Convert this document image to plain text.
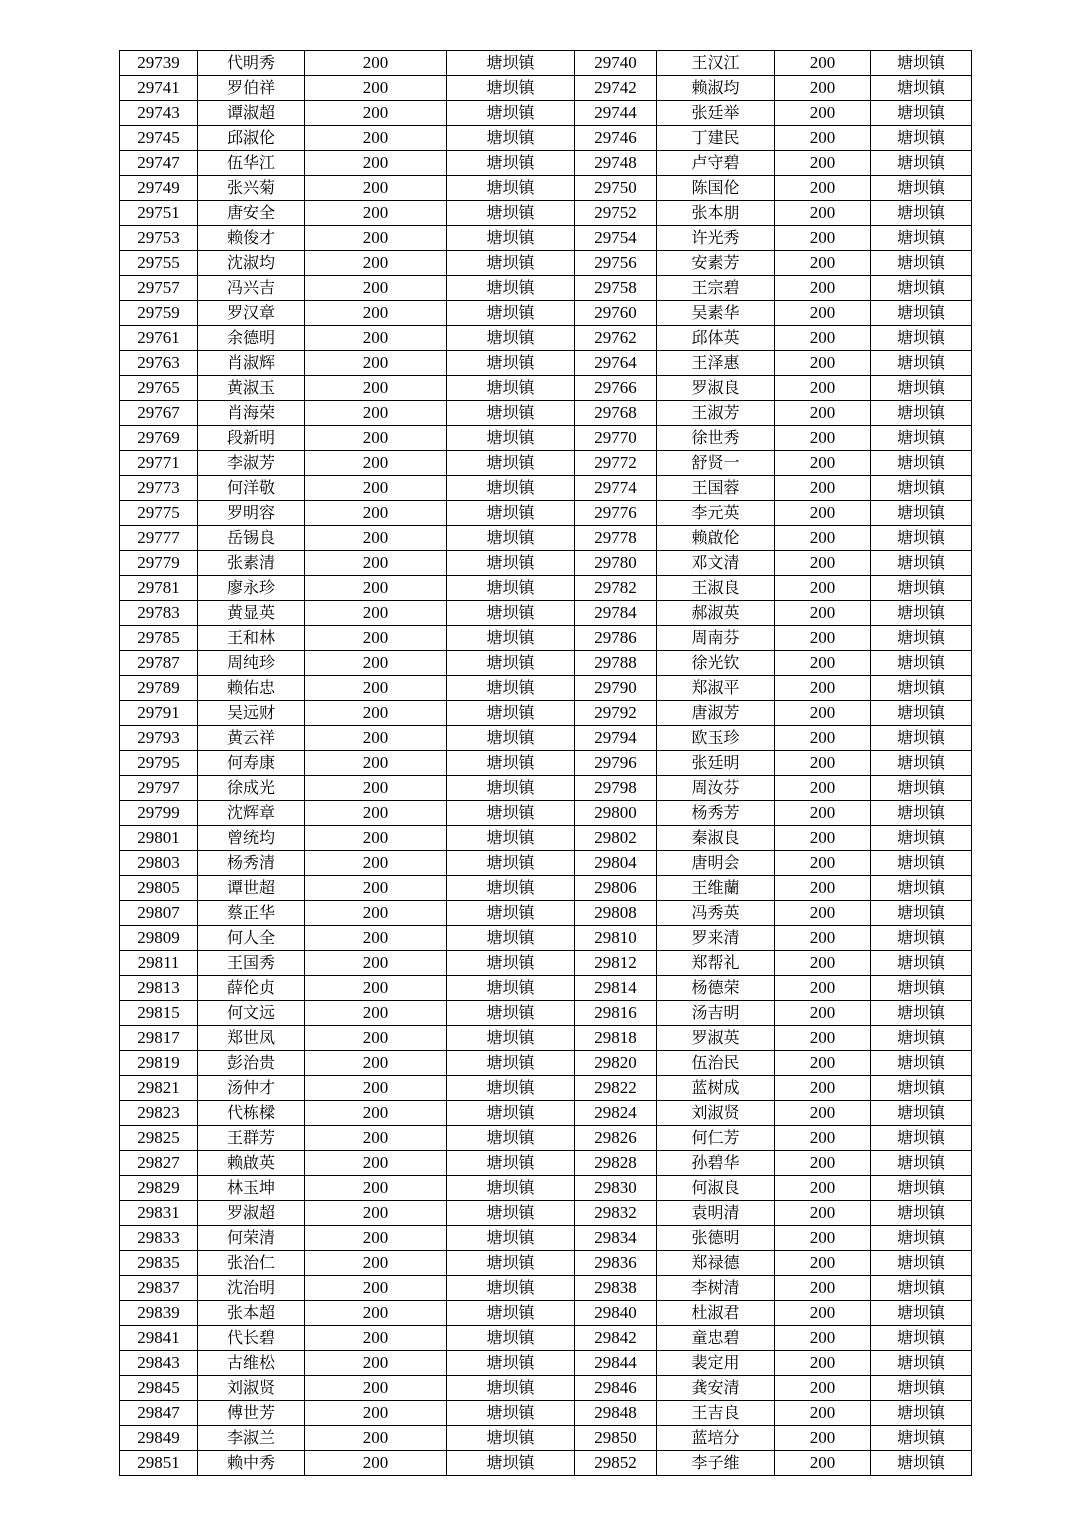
29739	代明秀	200	塘坝镇	29740	王汉江	200	塘坝镇
29741	罗伯祥	200	塘坝镇	29742	赖淑均	200	塘坝镇
29743	谭淑超	200	塘坝镇	29744	张廷举	200	塘坝镇
29745	邱淑伦	200	塘坝镇	29746	丁建民	200	塘坝镇
29747	伍华江	200	塘坝镇	29748	卢守碧	200	塘坝镇
29749	张兴菊	200	塘坝镇	29750	陈国伦	200	塘坝镇
29751	唐安全	200	塘坝镇	29752	张本朋	200	塘坝镇
29753	赖俊才	200	塘坝镇	29754	许光秀	200	塘坝镇
29755	沈淑均	200	塘坝镇	29756	安素芳	200	塘坝镇
29757	冯兴吉	200	塘坝镇	29758	王宗碧	200	塘坝镇
29759	罗汉章	200	塘坝镇	29760	吴素华	200	塘坝镇
29761	余德明	200	塘坝镇	29762	邱体英	200	塘坝镇
29763	肖淑辉	200	塘坝镇	29764	王泽惠	200	塘坝镇
29765	黄淑玉	200	塘坝镇	29766	罗淑良	200	塘坝镇
29767	肖海荣	200	塘坝镇	29768	王淑芳	200	塘坝镇
29769	段新明	200	塘坝镇	29770	徐世秀	200	塘坝镇
29771	李淑芳	200	塘坝镇	29772	舒贤一	200	塘坝镇
29773	何洋敬	200	塘坝镇	29774	王国蓉	200	塘坝镇
29775	罗明容	200	塘坝镇	29776	李元英	200	塘坝镇
29777	岳锡良	200	塘坝镇	29778	赖啟伦	200	塘坝镇
29779	张素清	200	塘坝镇	29780	邓文清	200	塘坝镇
29781	廖永珍	200	塘坝镇	29782	王淑良	200	塘坝镇
29783	黄显英	200	塘坝镇	29784	郝淑英	200	塘坝镇
29785	王和林	200	塘坝镇	29786	周南芬	200	塘坝镇
29787	周纯珍	200	塘坝镇	29788	徐光钦	200	塘坝镇
29789	赖佑忠	200	塘坝镇	29790	郑淑平	200	塘坝镇
29791	吴远财	200	塘坝镇	29792	唐淑芳	200	塘坝镇
29793	黄云祥	200	塘坝镇	29794	欧玉珍	200	塘坝镇
29795	何寿康	200	塘坝镇	29796	张廷明	200	塘坝镇
29797	徐成光	200	塘坝镇	29798	周汝芬	200	塘坝镇
29799	沈辉章	200	塘坝镇	29800	杨秀芳	200	塘坝镇
29801	曾统均	200	塘坝镇	29802	秦淑良	200	塘坝镇
29803	杨秀清	200	塘坝镇	29804	唐明会	200	塘坝镇
29805	谭世超	200	塘坝镇	29806	王维蘭	200	塘坝镇
29807	蔡正华	200	塘坝镇	29808	冯秀英	200	塘坝镇
29809	何人全	200	塘坝镇	29810	罗来清	200	塘坝镇
29811	王国秀	200	塘坝镇	29812	郑帮礼	200	塘坝镇
29813	薛伦贞	200	塘坝镇	29814	杨德荣	200	塘坝镇
29815	何文远	200	塘坝镇	29816	汤吉明	200	塘坝镇
29817	郑世凤	200	塘坝镇	29818	罗淑英	200	塘坝镇
29819	彭治贵	200	塘坝镇	29820	伍治民	200	塘坝镇
29821	汤仲才	200	塘坝镇	29822	蓝树成	200	塘坝镇
29823	代栋樑	200	塘坝镇	29824	刘淑贤	200	塘坝镇
29825	王群芳	200	塘坝镇	29826	何仁芳	200	塘坝镇
29827	赖啟英	200	塘坝镇	29828	孙碧华	200	塘坝镇
29829	林玉坤	200	塘坝镇	29830	何淑良	200	塘坝镇
29831	罗淑超	200	塘坝镇	29832	袁明清	200	塘坝镇
29833	何荣清	200	塘坝镇	29834	张德明	200	塘坝镇
29835	张治仁	200	塘坝镇	29836	郑禄德	200	塘坝镇
29837	沈治明	200	塘坝镇	29838	李树清	200	塘坝镇
29839	张本超	200	塘坝镇	29840	杜淑君	200	塘坝镇
29841	代长碧	200	塘坝镇	29842	童忠碧	200	塘坝镇
29843	古维松	200	塘坝镇	29844	裴定用	200	塘坝镇
29845	刘淑贤	200	塘坝镇	29846	龚安清	200	塘坝镇
29847	傅世芳	200	塘坝镇	29848	王吉良	200	塘坝镇
29849	李淑兰	200	塘坝镇	29850	蓝培分	200	塘坝镇
29851	赖中秀	200	塘坝镇	29852	李子维	200	塘坝镇
